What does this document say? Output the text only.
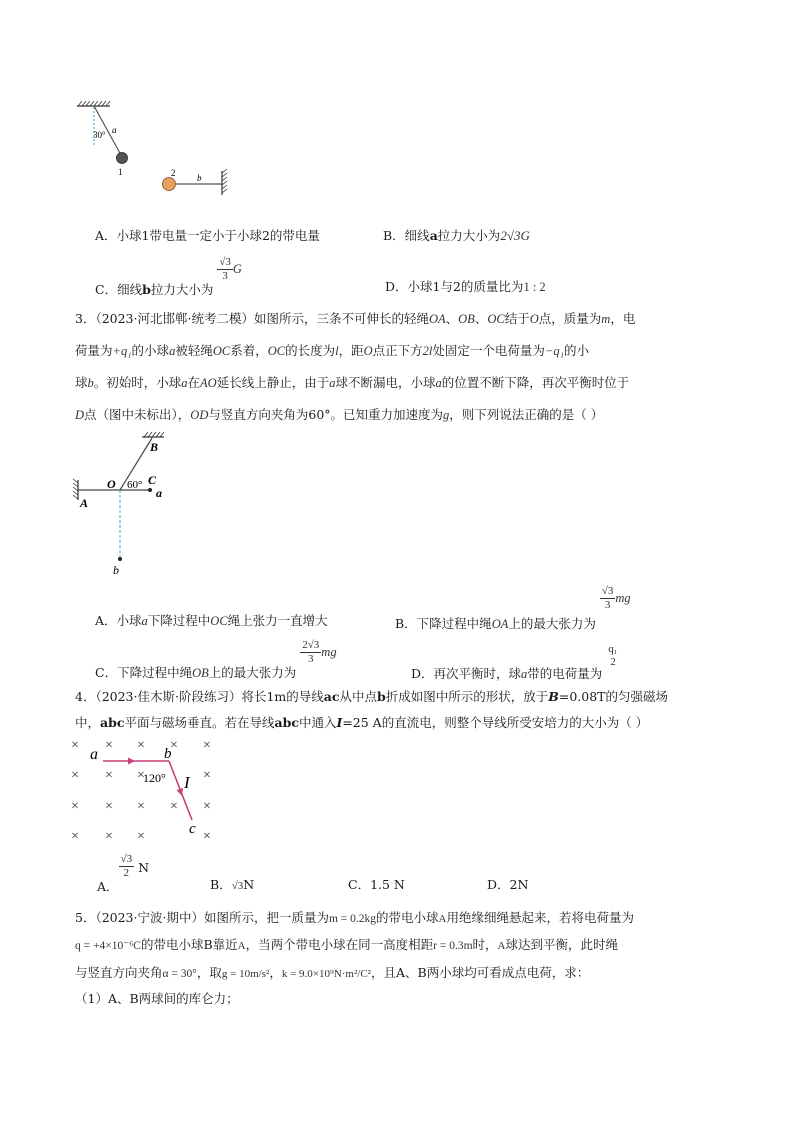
30° a
1	2 b
A．小球1带电量一定小于小球2的带电量	B．细线a拉力大小为2√3G
C．细线b拉力大小为
$\frac{√3}{3}$ G
D．小球1与2的质量比为1 : 2
3．（2023·河北邯郸·统考二模）如图所示，三条不可伸长的轻绳OA、OB、OC结于O点，质量为m，电
荷量为+q₁的小球a被轻绳OC系着，OC的长度为l，距O点正下方2l处固定一个电荷量为−q₁的小
球b。初始时，小球a在AO延长线上静止，由于a球不断漏电，小球a的位置不断下降，再次平衡时位于
D点（图中未标出），OD与竖直方向夹角为60°。已知重力加速度为g，则下列说法正确的是（ ）
B
O 60° C
a
A
b
A．小球a下降过程中OC绳上张力一直增大	B．下降过程中绳OA上的最大张力为
$\frac{√3}{3}$ mg
C．下降过程中绳OB上的最大张力为
$\frac{2√3}{3}$ mg
D．再次平衡时，球a带的电荷量为
q₁
2
4．（2023·佳木斯·阶段练习）将长1m的导线ac从中点b折成如图中所示的形状，放于B=0.08T的匀强磁场
中，abc平面与磁场垂直。若在导线abc中通入I=25 A的直流电，则整个导线所受安培力的大小为（ ）
× × × × ×
× × ×	×
× × × × ×
× × ×	×
a	b
120° I
c
A．
$\frac{√3}{2}$ N
B．√3N	C．1.5 N	D．2N
5．（2023·宁波·期中）如图所示，把一质量为m = 0.2kg的带电小球A用绝缘细绳悬起来，若将电荷量为
q = +4×10⁻⁶C的带电小球B靠近A，当两个带电小球在同一高度相距r = 0.3m时，A球达到平衡，此时绳
与竖直方向夹角α = 30°，取g = 10m/s²，k = 9.0×10⁹N·m²/C²，且A、B两小球均可看成点电荷，求：
（1）A、B两球间的库仑力；
